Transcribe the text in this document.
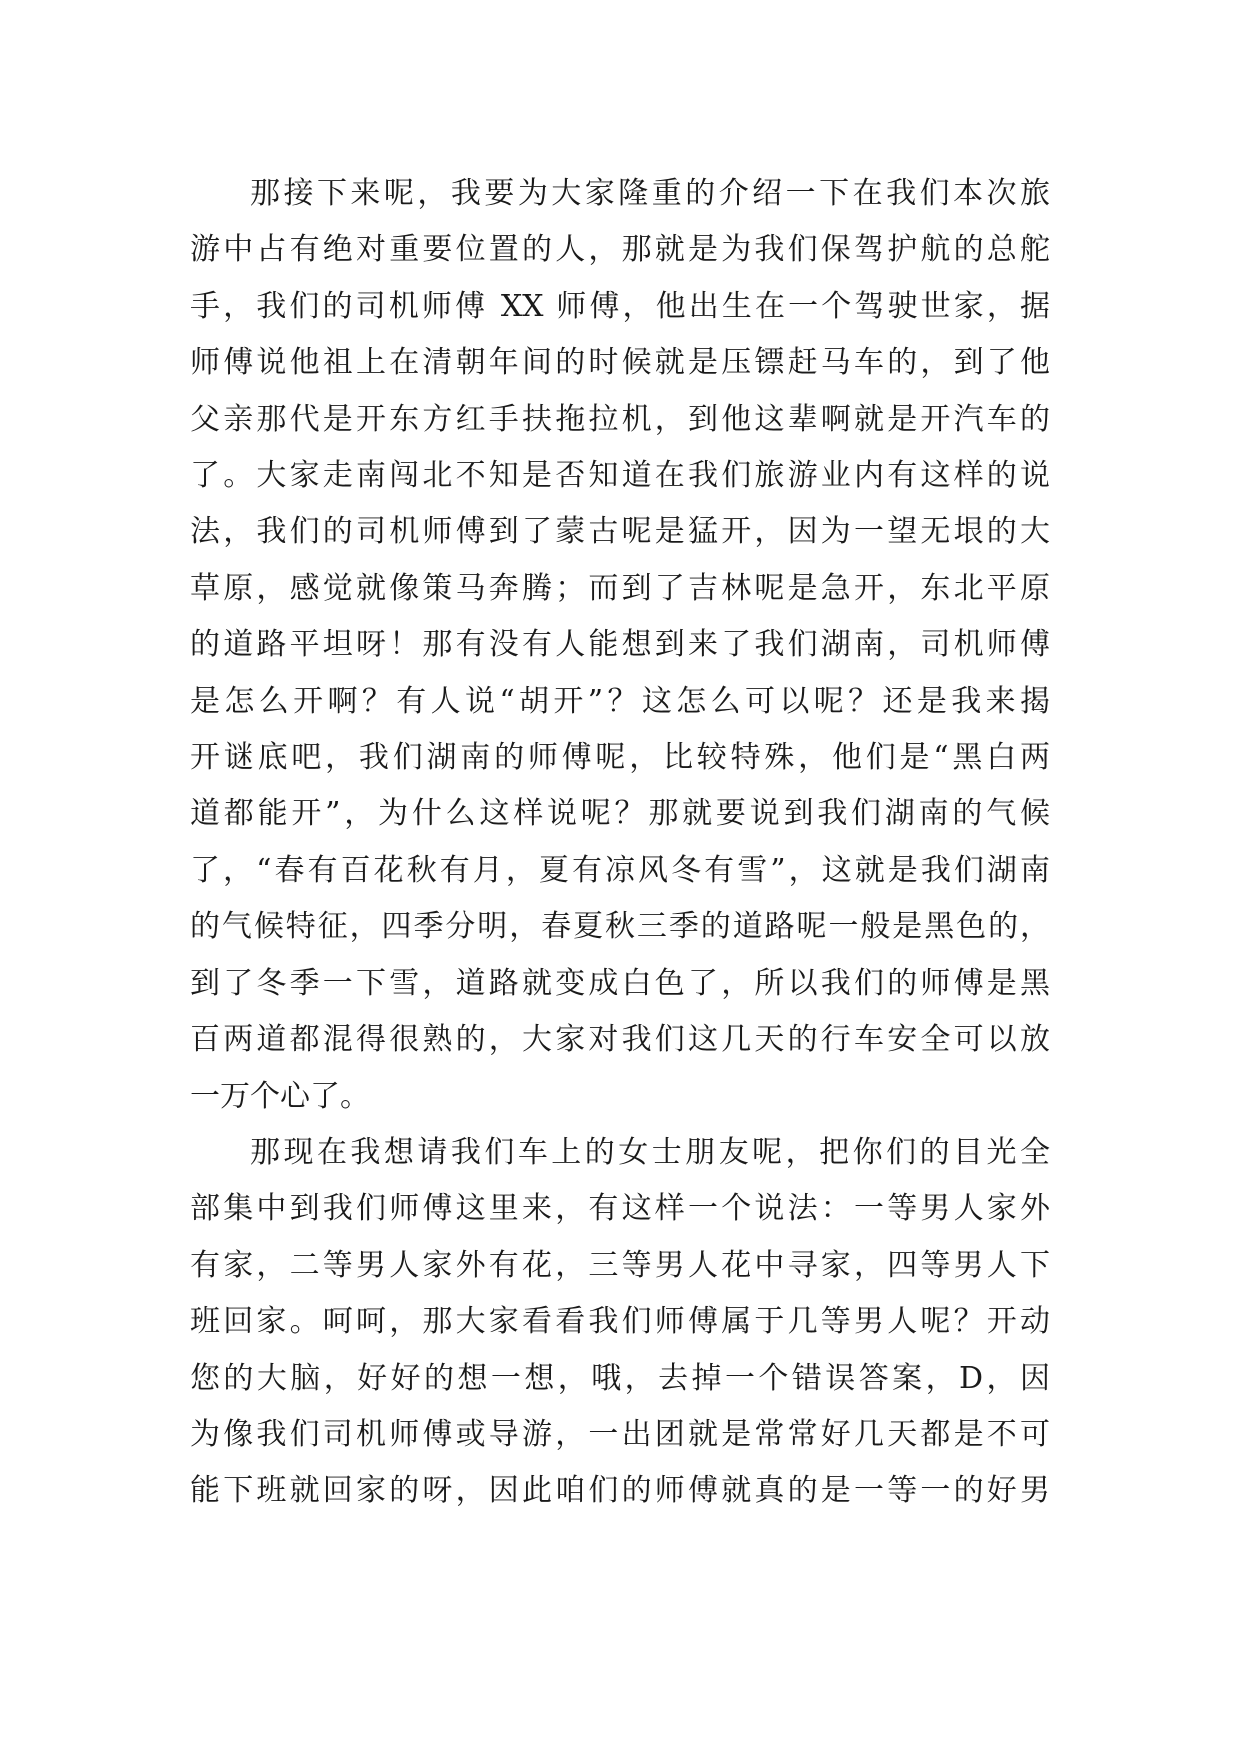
那接下来呢，我要为大家隆重的介绍一下在我们本次旅
游中占有绝对重要位置的人，那就是为我们保驾护航的总舵
手，我们的司机师傅 XX 师傅，他出生在一个驾驶世家，据
师傅说他祖上在清朝年间的时候就是压镖赶马车的，到了他
父亲那代是开东方红手扶拖拉机，到他这辈啊就是开汽车的
了。大家走南闯北不知是否知道在我们旅游业内有这样的说
法，我们的司机师傅到了蒙古呢是猛开，因为一望无垠的大
草原，感觉就像策马奔腾；而到了吉林呢是急开，东北平原
的道路平坦呀！那有没有人能想到来了我们湖南，司机师傅
是怎么开啊？有人说“胡开”？这怎么可以呢？还是我来揭
开谜底吧，我们湖南的师傅呢，比较特殊，他们是“黑白两
道都能开”，为什么这样说呢？那就要说到我们湖南的气候
了，“春有百花秋有月，夏有凉风冬有雪”，这就是我们湖南
的气候特征，四季分明，春夏秋三季的道路呢一般是黑色的，
到了冬季一下雪，道路就变成白色了，所以我们的师傅是黑
百两道都混得很熟的，大家对我们这几天的行车安全可以放
一万个心了。
那现在我想请我们车上的女士朋友呢，把你们的目光全
部集中到我们师傅这里来，有这样一个说法：一等男人家外
有家，二等男人家外有花，三等男人花中寻家，四等男人下
班回家。呵呵，那大家看看我们师傅属于几等男人呢？开动
您的大脑，好好的想一想，哦，去掉一个错误答案，D，因
为像我们司机师傅或导游，一出团就是常常好几天都是不可
能下班就回家的呀，因此咱们的师傅就真的是一等一的好男
